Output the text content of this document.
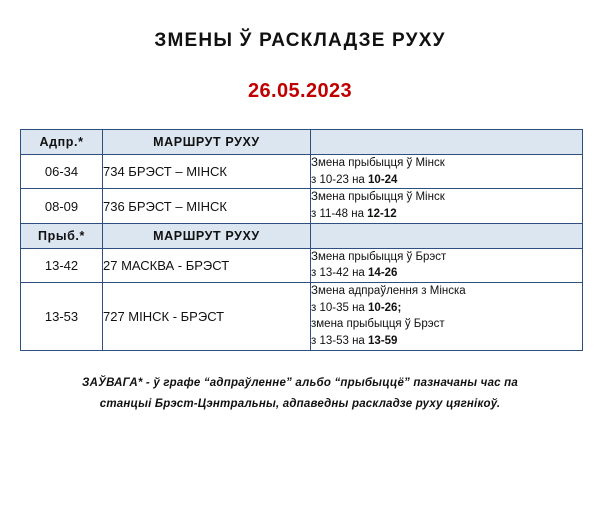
ЗМЕНЫ Ў РАСКЛАДЗЕ РУХУ
26.05.2023
Адпр.*	МАРШРУТ РУХУ	
06-34	734 БРЭСТ – МІНСК	Змена прыбыцця ў Мінск
з 10-23 на 10-24

08-09	736 БРЭСТ – МІНСК	Змена прыбыцця ў Мінск
з 11-48 на 12-12

Прыб.*	МАРШРУТ РУХУ	
13-42	27 МАСКВА - БРЭСТ	Змена прыбыцця ў Брэст
з 13-42 на 14-26

13-53	727 МІНСК - БРЭСТ	Змена адпраўлення з Мінска
з 10-35 на 10-26;
змена прыбыцця ў Брэст
з 13-53 на 13-59
ЗАЎВАГА* - ў графе “адпраўленне” альбо “прыбыццё” пазначаны час па
станцыі Брэст-Цэнтральны, адпаведны раскладзе руху цягнікоў.
